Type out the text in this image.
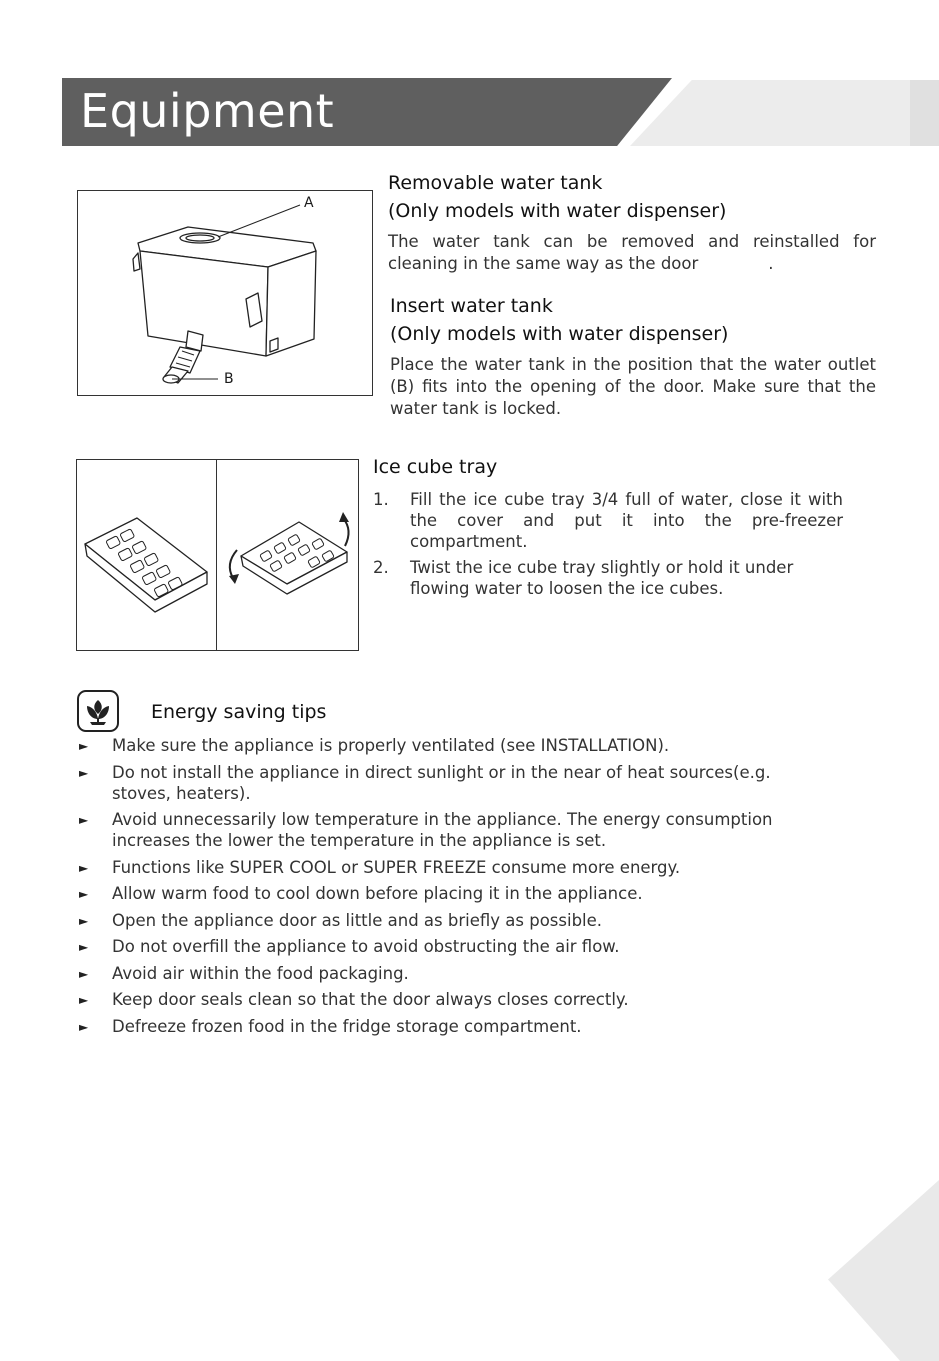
Equipment
A
B
Removable water tank
(Only models with water dispenser)

The water tank can be removed and reinstalled for cleaning in the same way as the door	.

Insert water tank
(Only models with water dispenser)

Place the water tank in the position that the water outlet (B) fits into the opening of the door. Make sure that the water tank is locked.

Ice cube tray
1. Fill the ice cube tray 3/4 full of water, close it with the cover and put it into the pre-freezer compartment.
2. Twist the ice cube tray slightly or hold it under flowing water to loosen the ice cubes.
Energy saving tips
► Make sure the appliance is properly ventilated (see INSTALLATION).
► Do not install the appliance in direct sunlight or in the near of heat sources(e.g. stoves, heaters).
► Avoid unnecessarily low temperature in the appliance. The energy consumption increases the lower the temperature in the appliance is set.
► Functions like SUPER COOL or SUPER FREEZE consume more energy.
► Allow warm food to cool down before placing it in the appliance.
► Open the appliance door as little and as briefly as possible.
► Do not overfill the appliance to avoid obstructing the air flow.
► Avoid air within the food packaging.
► Keep door seals clean so that the door always closes correctly.
► Defreeze frozen food in the fridge storage compartment.
